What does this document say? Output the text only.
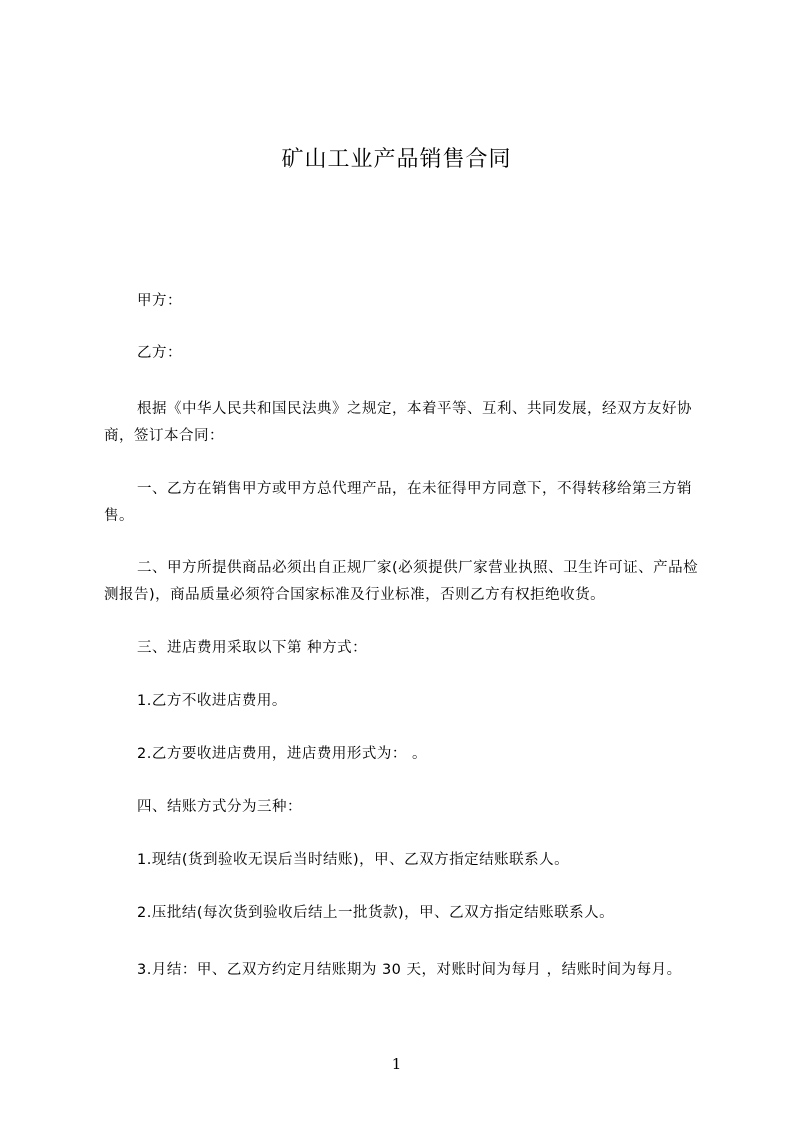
矿山工业产品销售合同
甲方：
乙方：
根据《中华人民共和国民法典》之规定，本着平等、互利、共同发展，经双方友好协商，签订本合同：
一、乙方在销售甲方或甲方总代理产品，在未征得甲方同意下，不得转移给第三方销售。
二、甲方所提供商品必须出自正规厂家(必须提供厂家营业执照、卫生许可证、产品检测报告)，商品质量必须符合国家标准及行业标准，否则乙方有权拒绝收货。
三、进店费用采取以下第 种方式：
1.乙方不收进店费用。
2.乙方要收进店费用，进店费用形式为： 。
四、结账方式分为三种：
1.现结(货到验收无误后当时结账)，甲、乙双方指定结账联系人。
2.压批结(每次货到验收后结上一批货款)，甲、乙双方指定结账联系人。
3.月结：甲、乙双方约定月结账期为 30 天，对账时间为每月 ，结账时间为每月。
1
